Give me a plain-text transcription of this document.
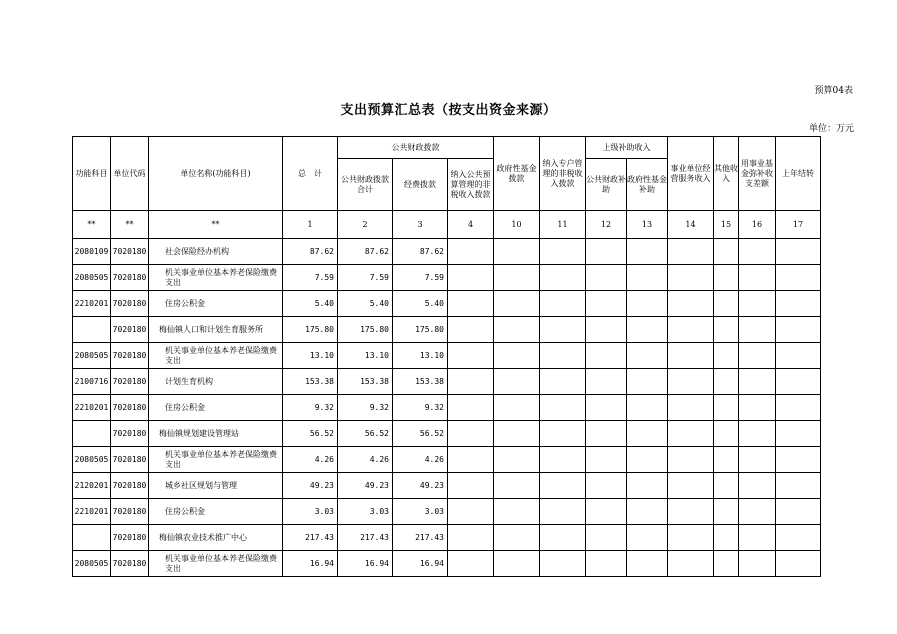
预算04表
支出预算汇总表（按支出资金来源）
单位：万元
功能科目	单位代码	单位名称(功能科目)	总　计	公共财政拨款			政府性基金拨款	纳入专户管理的非税收入拨款	上级补助收入		事业单位经营服务收入	其他收入	用事业基金弥补收支差额	上年结转
				公共财政拨款合计	经费拨款	纳入公共预算管理的非税收入拨款			公共财政补助	政府性基金补助				
**	**	**	1	2	3	4	10	11	12	13	14	15	16	17
2080109	7020180	社会保险经办机构	87.62	87.62	87.62									
2080505	7020180	机关事业单位基本养老保险缴费支出	7.59	7.59	7.59									
2210201	7020180	住房公积金	5.40	5.40	5.40									
	7020180	梅仙镇人口和计划生育服务所	175.80	175.80	175.80									
2080505	7020180	机关事业单位基本养老保险缴费支出	13.10	13.10	13.10									
2100716	7020180	计划生育机构	153.38	153.38	153.38									
2210201	7020180	住房公积金	9.32	9.32	9.32									
	7020180	梅仙镇规划建设管理站	56.52	56.52	56.52									
2080505	7020180	机关事业单位基本养老保险缴费支出	4.26	4.26	4.26									
2120201	7020180	城乡社区规划与管理	49.23	49.23	49.23									
2210201	7020180	住房公积金	3.03	3.03	3.03									
	7020180	梅仙镇农业技术推广中心	217.43	217.43	217.43									
2080505	7020180	机关事业单位基本养老保险缴费支出	16.94	16.94	16.94									
